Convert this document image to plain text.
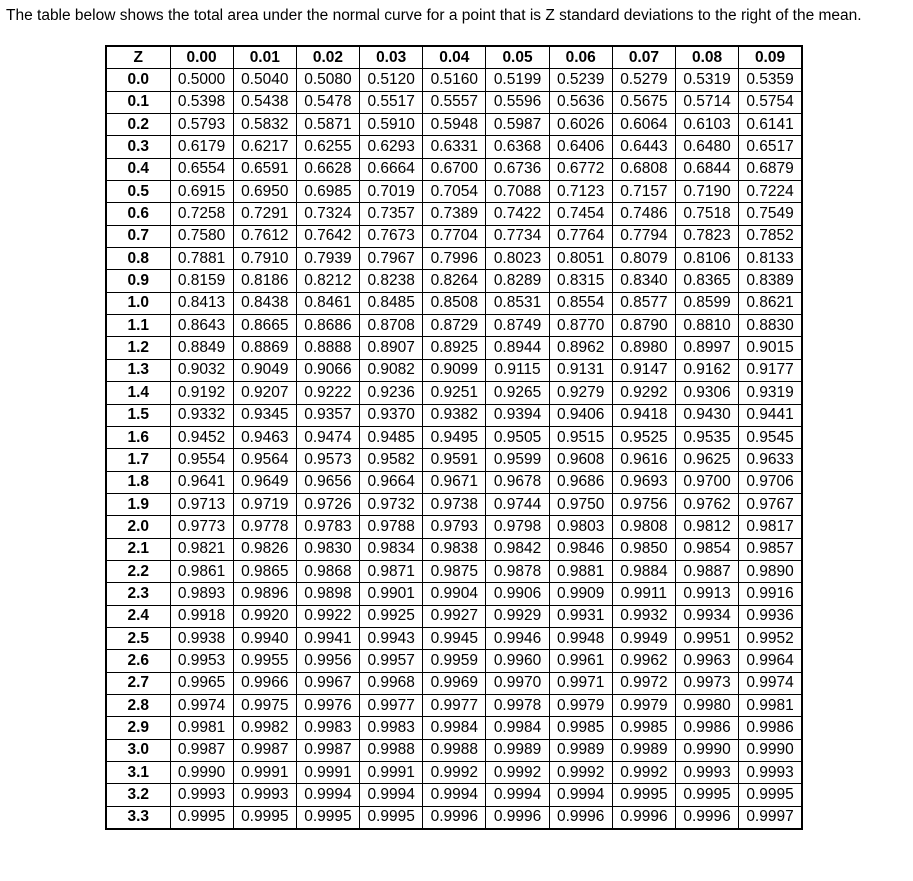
The table below shows the total area under the normal curve for a point that is Z standard deviations to the right of the mean.
Z	0.00	0.01	0.02	0.03	0.04	0.05	0.06	0.07	0.08	0.09
0.0	0.5000	0.5040	0.5080	0.5120	0.5160	0.5199	0.5239	0.5279	0.5319	0.5359
0.1	0.5398	0.5438	0.5478	0.5517	0.5557	0.5596	0.5636	0.5675	0.5714	0.5754
0.2	0.5793	0.5832	0.5871	0.5910	0.5948	0.5987	0.6026	0.6064	0.6103	0.6141
0.3	0.6179	0.6217	0.6255	0.6293	0.6331	0.6368	0.6406	0.6443	0.6480	0.6517
0.4	0.6554	0.6591	0.6628	0.6664	0.6700	0.6736	0.6772	0.6808	0.6844	0.6879
0.5	0.6915	0.6950	0.6985	0.7019	0.7054	0.7088	0.7123	0.7157	0.7190	0.7224
0.6	0.7258	0.7291	0.7324	0.7357	0.7389	0.7422	0.7454	0.7486	0.7518	0.7549
0.7	0.7580	0.7612	0.7642	0.7673	0.7704	0.7734	0.7764	0.7794	0.7823	0.7852
0.8	0.7881	0.7910	0.7939	0.7967	0.7996	0.8023	0.8051	0.8079	0.8106	0.8133
0.9	0.8159	0.8186	0.8212	0.8238	0.8264	0.8289	0.8315	0.8340	0.8365	0.8389
1.0	0.8413	0.8438	0.8461	0.8485	0.8508	0.8531	0.8554	0.8577	0.8599	0.8621
1.1	0.8643	0.8665	0.8686	0.8708	0.8729	0.8749	0.8770	0.8790	0.8810	0.8830
1.2	0.8849	0.8869	0.8888	0.8907	0.8925	0.8944	0.8962	0.8980	0.8997	0.9015
1.3	0.9032	0.9049	0.9066	0.9082	0.9099	0.9115	0.9131	0.9147	0.9162	0.9177
1.4	0.9192	0.9207	0.9222	0.9236	0.9251	0.9265	0.9279	0.9292	0.9306	0.9319
1.5	0.9332	0.9345	0.9357	0.9370	0.9382	0.9394	0.9406	0.9418	0.9430	0.9441
1.6	0.9452	0.9463	0.9474	0.9485	0.9495	0.9505	0.9515	0.9525	0.9535	0.9545
1.7	0.9554	0.9564	0.9573	0.9582	0.9591	0.9599	0.9608	0.9616	0.9625	0.9633
1.8	0.9641	0.9649	0.9656	0.9664	0.9671	0.9678	0.9686	0.9693	0.9700	0.9706
1.9	0.9713	0.9719	0.9726	0.9732	0.9738	0.9744	0.9750	0.9756	0.9762	0.9767
2.0	0.9773	0.9778	0.9783	0.9788	0.9793	0.9798	0.9803	0.9808	0.9812	0.9817
2.1	0.9821	0.9826	0.9830	0.9834	0.9838	0.9842	0.9846	0.9850	0.9854	0.9857
2.2	0.9861	0.9865	0.9868	0.9871	0.9875	0.9878	0.9881	0.9884	0.9887	0.9890
2.3	0.9893	0.9896	0.9898	0.9901	0.9904	0.9906	0.9909	0.9911	0.9913	0.9916
2.4	0.9918	0.9920	0.9922	0.9925	0.9927	0.9929	0.9931	0.9932	0.9934	0.9936
2.5	0.9938	0.9940	0.9941	0.9943	0.9945	0.9946	0.9948	0.9949	0.9951	0.9952
2.6	0.9953	0.9955	0.9956	0.9957	0.9959	0.9960	0.9961	0.9962	0.9963	0.9964
2.7	0.9965	0.9966	0.9967	0.9968	0.9969	0.9970	0.9971	0.9972	0.9973	0.9974
2.8	0.9974	0.9975	0.9976	0.9977	0.9977	0.9978	0.9979	0.9979	0.9980	0.9981
2.9	0.9981	0.9982	0.9983	0.9983	0.9984	0.9984	0.9985	0.9985	0.9986	0.9986
3.0	0.9987	0.9987	0.9987	0.9988	0.9988	0.9989	0.9989	0.9989	0.9990	0.9990
3.1	0.9990	0.9991	0.9991	0.9991	0.9992	0.9992	0.9992	0.9992	0.9993	0.9993
3.2	0.9993	0.9993	0.9994	0.9994	0.9994	0.9994	0.9994	0.9995	0.9995	0.9995
3.3	0.9995	0.9995	0.9995	0.9995	0.9996	0.9996	0.9996	0.9996	0.9996	0.9997
